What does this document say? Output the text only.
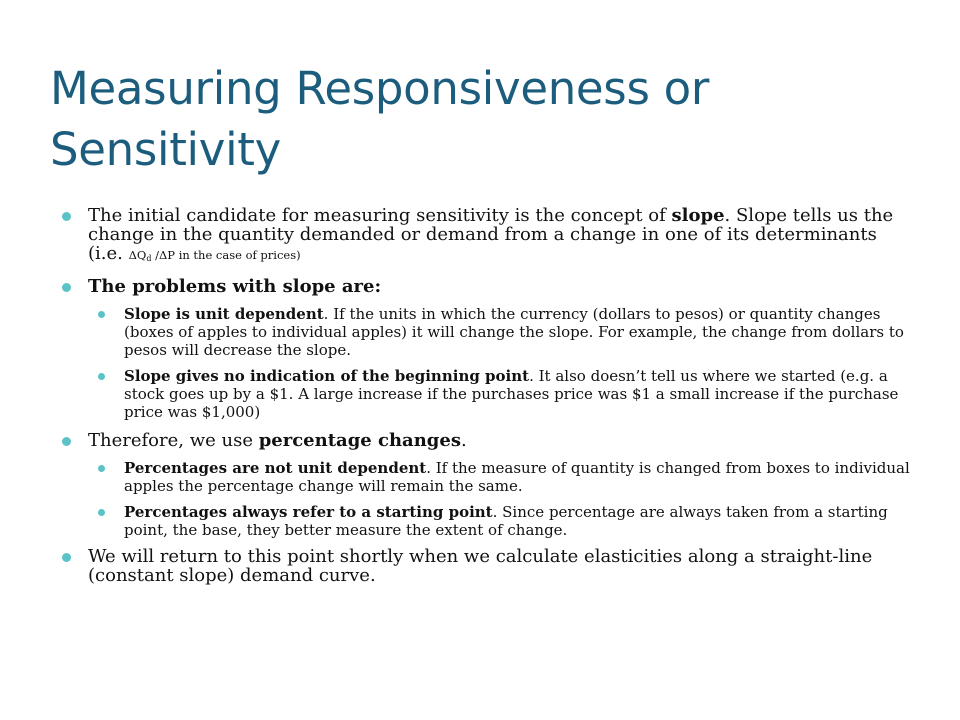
Measuring Responsiveness or
Sensitivity
The initial candidate for measuring sensitivity is the concept of slope. Slope tells us the change in the quantity demanded or demand from a change in one of its determinants (i.e. $\Delta Q_d$ /ΔP in the case of prices)
The problems with slope are:
Slope is unit dependent. If the units in which the currency (dollars to pesos) or quantity changes (boxes of apples to individual apples) it will change the slope. For example, the change from dollars to pesos will decrease the slope.
Slope gives no indication of the beginning point. It also doesn’t tell us where we started (e.g. a stock goes up by a $1. A large increase if the purchases price was $1 a small increase if the purchase price was $1,000)
Therefore, we use percentage changes.
Percentages are not unit dependent. If the measure of quantity is changed from boxes to individual apples the percentage change will remain the same.
Percentages always refer to a starting point. Since percentage are always taken from a starting point, the base, they better measure the extent of change.
We will return to this point shortly when we calculate elasticities along a straight-line (constant slope) demand curve.
